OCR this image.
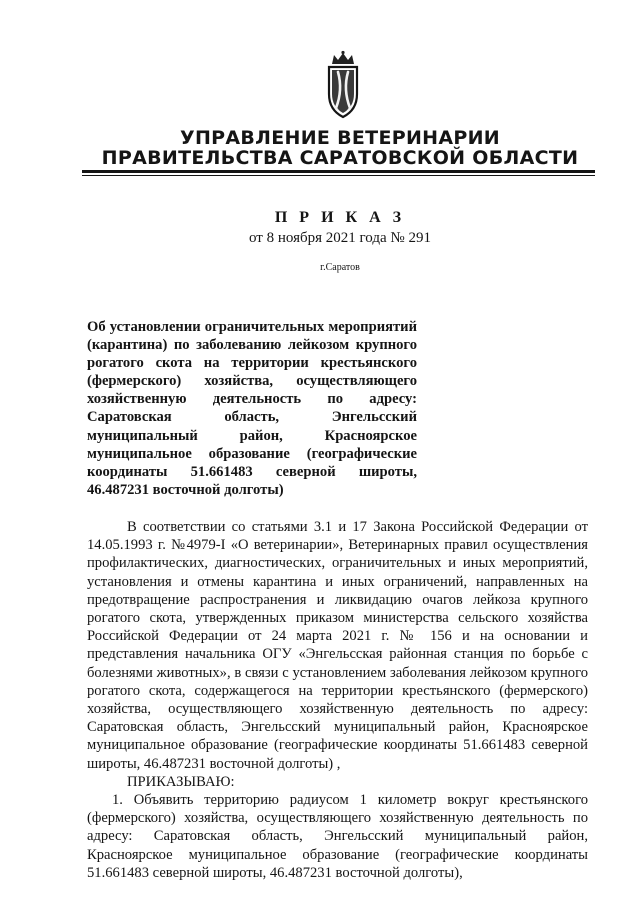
УПРАВЛЕНИЕ ВЕТЕРИНАРИИ
ПРАВИТЕЛЬСТВА САРАТОВСКОЙ ОБЛАСТИ
П Р И К А З
от 8 ноября 2021 года № 291
г.Саратов
Об установлении ограничительных мероприятий (карантина) по заболеванию лейкозом крупного рогатого скота на территории крестьянского (фермерского) хозяйства, осуществляющего хозяйственную деятельность по адресу: Саратовская область, Энгельсский муниципальный район, Красноярское муниципальное образование (географические координаты 51.661483 северной широты, 46.487231 восточной долготы)

В соответствии со статьями 3.1 и 17 Закона Российской Федерации от 14.05.1993 г. №4979-I «О ветеринарии», Ветеринарных правил осуществления профилактических, диагностических, ограничительных и иных мероприятий, установления и отмены карантина и иных ограничений, направленных на предотвращение распространения и ликвидацию очагов лейкоза крупного рогатого скота, утвержденных приказом министерства сельского хозяйства Российской Федерации от 24 марта 2021 г. № 156 и на основании и представления начальника ОГУ «Энгельсская районная станция по борьбе с болезнями животных», в связи с установлением заболевания лейкозом крупного рогатого скота, содержащегося на территории крестьянского (фермерского) хозяйства, осуществляющего хозяйственную деятельность по адресу: Саратовская область, Энгельсский муниципальный район, Красноярское муниципальное образование (географические координаты 51.661483 северной широты, 46.487231 восточной долготы) ,

ПРИКАЗЫВАЮ:

1. Объявить территорию радиусом 1 километр вокруг крестьянского (фермерского) хозяйства, осуществляющего хозяйственную деятельность по адресу: Саратовская область, Энгельсский муниципальный район, Красноярское муниципальное образование (географические координаты 51.661483 северной широты, 46.487231 восточной долготы),
